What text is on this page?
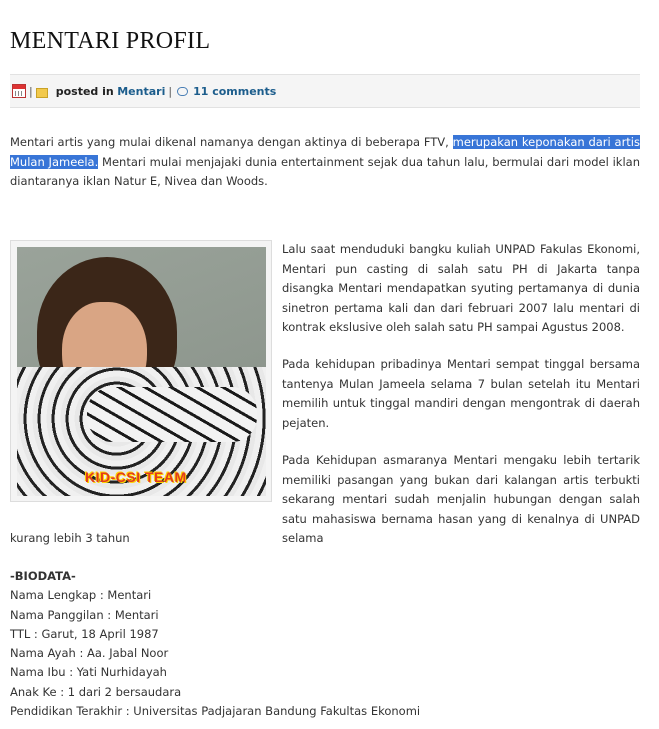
MENTARI PROFIL
| posted in
Mentari | 11 comments

Mentari artis yang mulai dikenal namanya dengan aktinya di beberapa FTV, merupakan keponakan dari artis Mulan Jameela. Mentari mulai menjajaki dunia entertainment sejak dua tahun lalu, bermulai dari model iklan diantaranya iklan Natur E, Nivea dan Woods.

KID-CSI TEAM

Lalu saat menduduki bangku kuliah UNPAD Fakulas Ekonomi, Mentari pun casting di salah satu PH di Jakarta tanpa disangka Mentari mendapatkan syuting pertamanya di dunia sinetron pertama kali dan dari februari 2007 lalu mentari di kontrak ekslusive oleh salah satu PH sampai Agustus 2008.

Pada kehidupan pribadinya Mentari sempat tinggal bersama tantenya Mulan Jameela selama 7 bulan setelah itu Mentari memilih untuk tinggal mandiri dengan mengontrak di daerah pejaten.

Pada Kehidupan asmaranya Mentari mengaku lebih tertarik memiliki pasangan yang bukan dari kalangan artis terbukti sekarang mentari sudah menjalin hubungan dengan salah satu mahasiswa bernama hasan yang di kenalnya di UNPAD selama

kurang lebih 3 tahun

-BIODATA-
Nama Lengkap : Mentari
Nama Panggilan : Mentari
TTL : Garut, 18 April 1987
Nama Ayah : Aa. Jabal Noor
Nama Ibu : Yati Nurhidayah
Anak Ke : 1 dari 2 bersaudara
Pendidikan Terakhir : Universitas Padjajaran Bandung Fakultas Ekonomi
